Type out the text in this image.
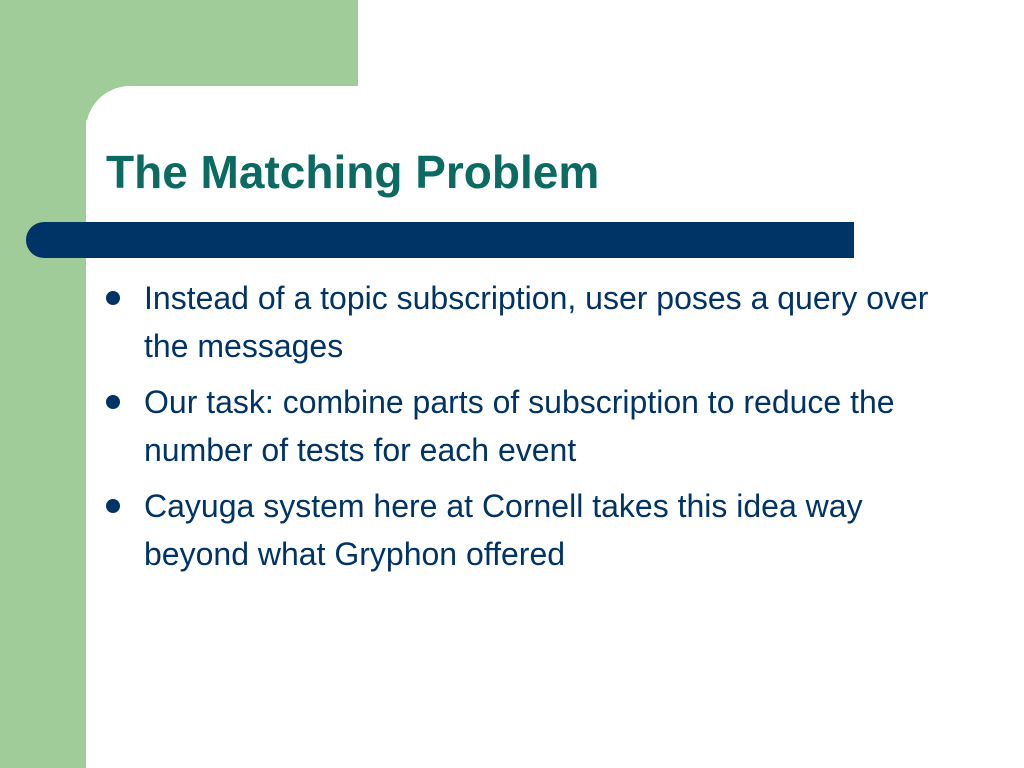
The Matching Problem
Instead of a topic subscription, user poses a query over the messages
Our task: combine parts of subscription to reduce the number of tests for each event
Cayuga system here at Cornell takes this idea way beyond what Gryphon offered
